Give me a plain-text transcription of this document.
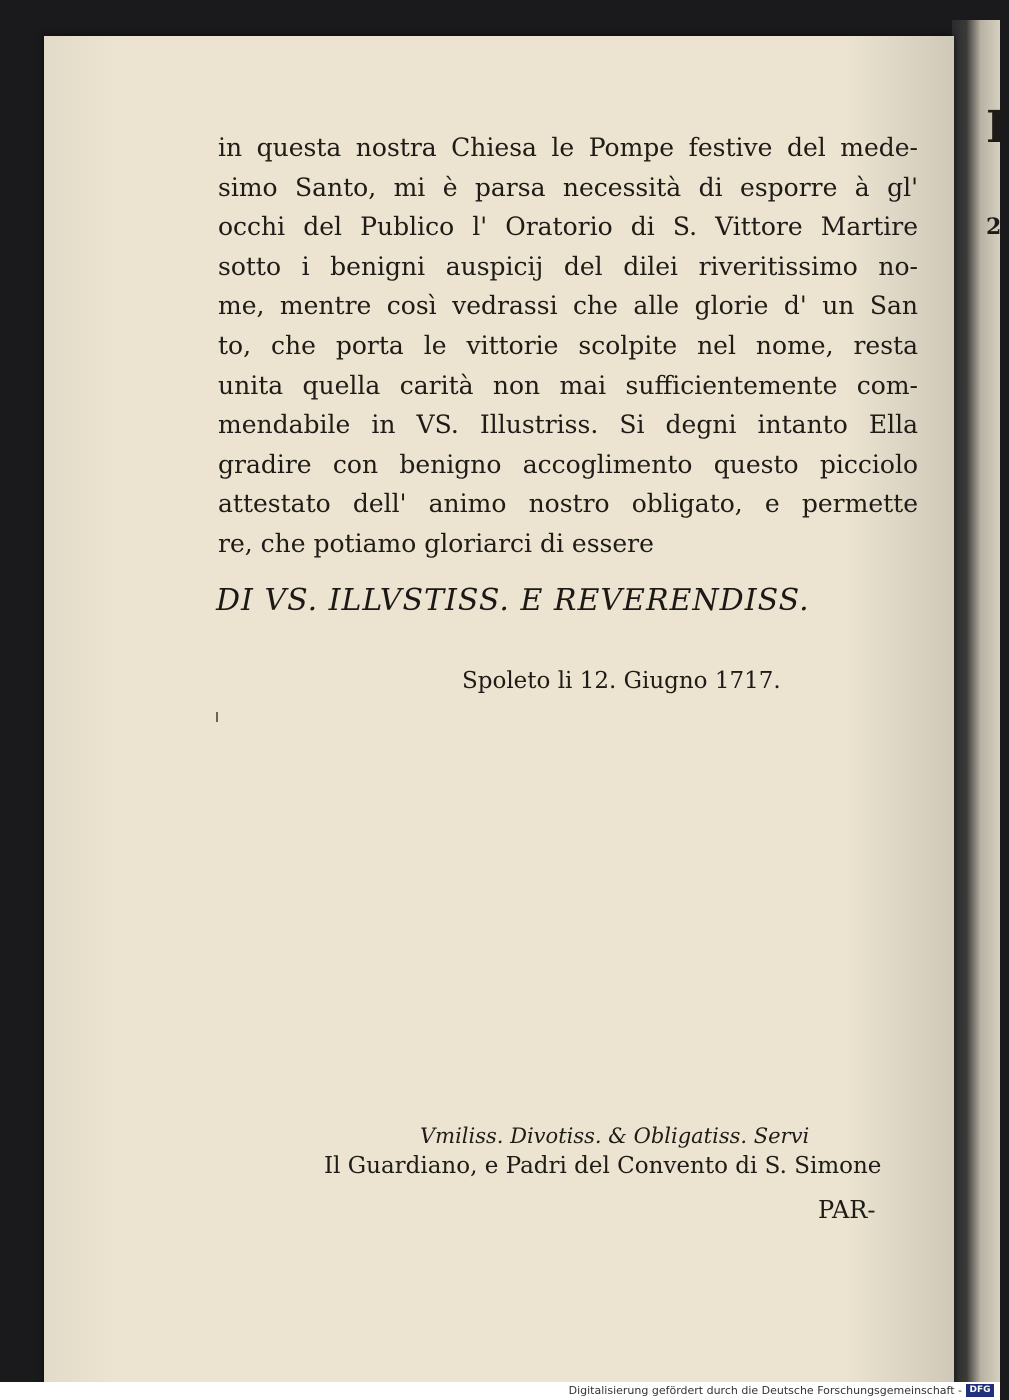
I
2.
in questa nostra Chiesa le Pompe festive del mede-
simo Santo, mi è parsa necessità di esporre à gl'
occhi del Publico l' Oratorio di S. Vittore Martire
sotto i benigni auspicij del dilei riveritissimo no-
me, mentre così vedrassi che alle glorie d' un San
to, che porta le vittorie scolpite nel nome, resta
unita quella carità non mai sufficientemente com-
mendabile in VS. Illustriss. Si degni intanto Ella
gradire con benigno accoglimento questo picciolo
attestato dell' animo nostro obligato, e permette
re, che potiamo gloriarci di essere
DI VS. ILLVSTISS. E REVERENDISS.
Spoleto li 12. Giugno 1717.
Vmiliss. Divotiss. & Obligatiss. Servi
Il Guardiano, e Padri del Convento di S. Simone
PAR-
Digitalisierung gefördert durch die Deutsche Forschungsgemeinschaft - DFG
